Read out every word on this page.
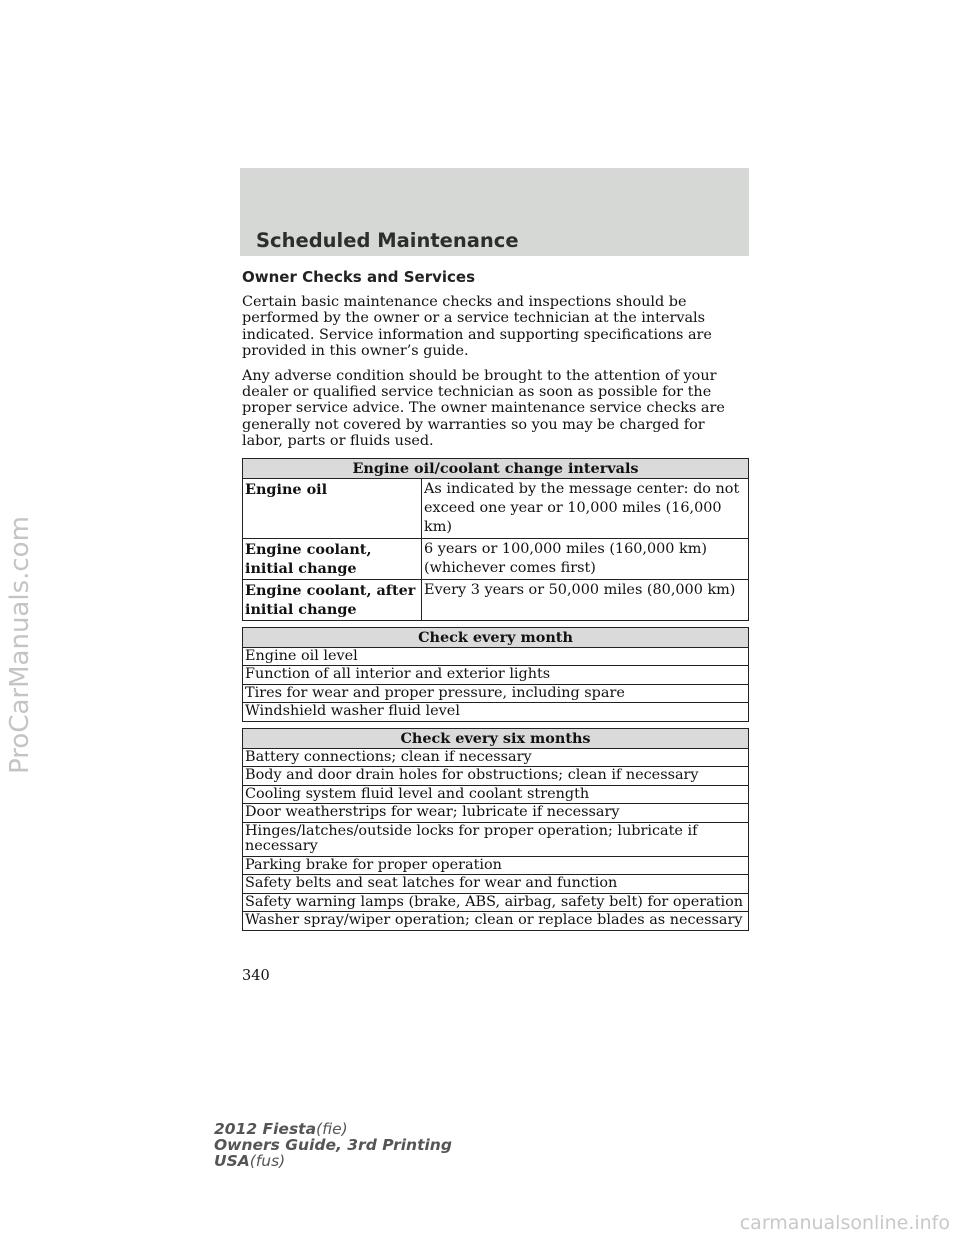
ProCarManuals.com
Scheduled Maintenance
Owner Checks and Services

Certain basic maintenance checks and inspections should be performed by the owner or a service technician at the intervals indicated. Service information and supporting specifications are provided in this owner’s guide.

Any adverse condition should be brought to the attention of your dealer or qualified service technician as soon as possible for the proper service advice. The owner maintenance service checks are generally not covered by warranties so you may be charged for labor, parts or fluids used.

Engine oil/coolant change intervals	
Engine oil	As indicated by the message center: do not exceed one year or 10,000 miles (16,000 km)
Engine coolant, initial change	6 years or 100,000 miles (160,000 km) (whichever comes first)
Engine coolant, after initial change	Every 3 years or 50,000 miles (80,000 km)
Check every month
Engine oil level
Function of all interior and exterior lights
Tires for wear and proper pressure, including spare
Windshield washer fluid level
Check every six months
Battery connections; clean if necessary
Body and door drain holes for obstructions; clean if necessary
Cooling system fluid level and coolant strength
Door weatherstrips for wear; lubricate if necessary
Hinges/latches/outside locks for proper operation; lubricate if necessary
Parking brake for proper operation
Safety belts and seat latches for wear and function
Safety warning lamps (brake, ABS, airbag, safety belt) for operation
Washer spray/wiper operation; clean or replace blades as necessary
340
2012 Fiesta(fie)
Owners Guide, 3rd Printing
USA(fus)
carmanualsonline.info
